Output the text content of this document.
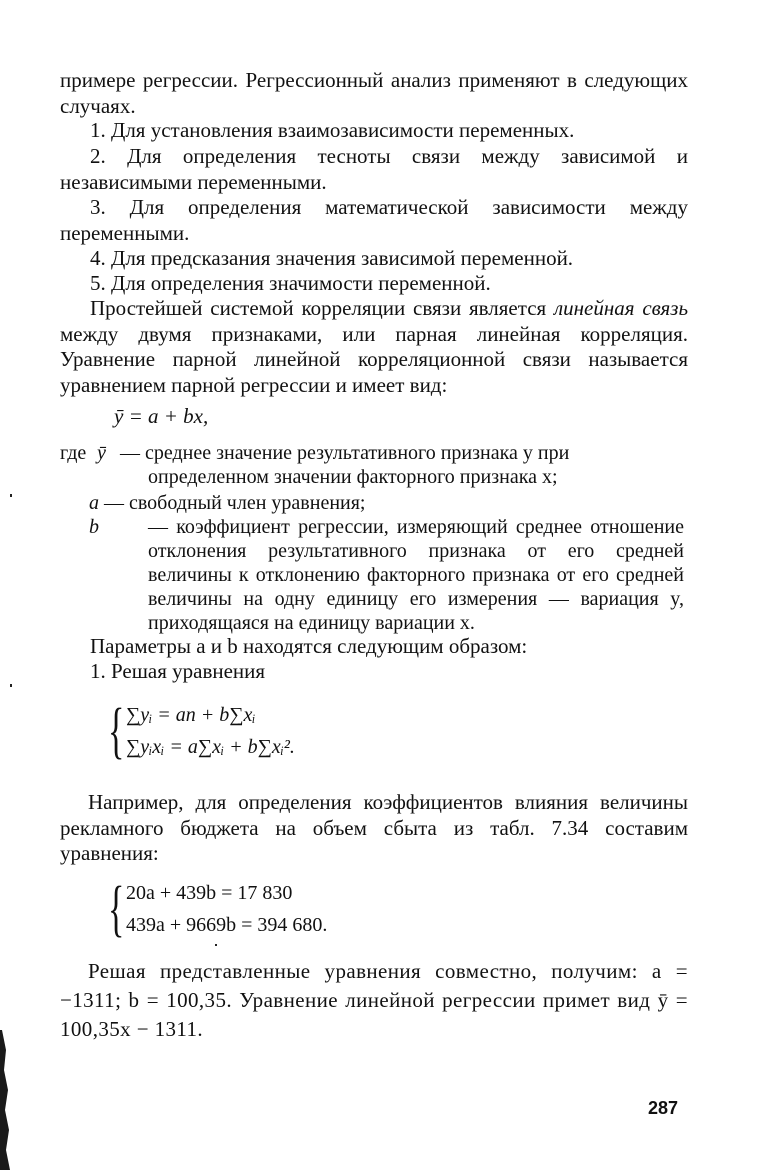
примере регрессии. Регрессионный анализ применяют в следующих случаях.

1. Для установления взаимозависимости переменных.

2. Для определения тесноты связи между зависимой и независимыми переменными.

3. Для определения математической зависимости между переменными.

4. Для предсказания значения зависимой переменной.

5. Для определения значимости переменной.

Простейшей системой корреляции связи является линейная связь между двумя признаками, или парная линейная корреляция. Уравнение парной линейной корреляционной связи называется уравнением парной регрессии и имеет вид:

ȳ = a + bx,
где ȳ — среднее значение результативного признака y при определенном значении факторного признака x;
a — свободный член уравнения;
b	— коэффициент регрессии, измеряющий среднее отношение отклонения результативного признака от его средней величины к отклонению факторного признака от его средней величины на одну единицу его измерения — вариация y, приходящаяся на единицу вариации x.

Параметры a и b находятся следующим образом:

1. Решая уравнения

{ ∑yᵢ = an + b∑xᵢ
∑yᵢxᵢ = a∑xᵢ + b∑xᵢ².

Например, для определения коэффициентов влияния величины рекламного бюджета на объем сбыта из табл. 7.34 составим уравнения:

{ 20a + 439b = 17 830
439a + 9669b = 394 680.

Решая представленные уравнения совместно, получим: a = −1311; b = 100,35. Уравнение линейной регрессии примет вид ȳ = 100,35x − 1311.

287
